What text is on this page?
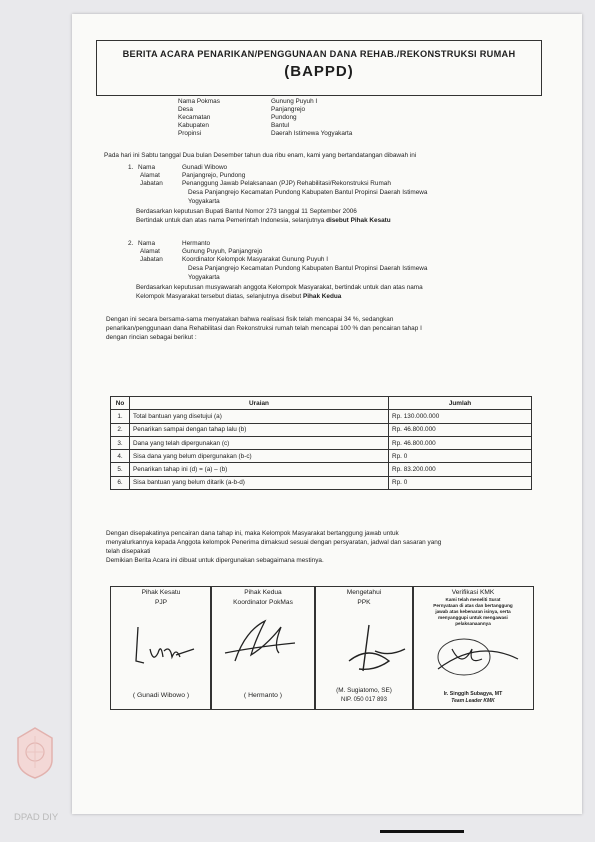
BERITA ACARA PENARIKAN/PENGGUNAAN DANA REHAB./REKONSTRUKSI RUMAH
(BAPPD)
Nama Pokmas	Gunung Puyuh I
Desa	Panjangrejo
Kecamatan	Pundong
Kabupaten	Bantul
Propinsi	Daerah Istimewa Yogyakarta
Pada hari ini Sabtu tanggal Dua bulan Desember tahun dua ribu enam, kami yang bertandatangan dibawah ini
1. Nama	Gunadi Wibowo
Alamat	Panjangrejo, Pundong
Jabatan	Penanggung Jawab Pelaksanaan (PJP) Rehabilitasi/Rekonstruksi Rumah
Desa Panjangrejo Kecamatan Pundong Kabupaten Bantul Propinsi Daerah Istimewa
Yogyakarta
Berdasarkan keputusan Bupati Bantul Nomor 273 tanggal 11 September 2006
Bertindak untuk dan atas nama Pemerintah Indonesia, selanjutnya disebut Pihak Kesatu
2. Nama	Hermanto
Alamat	Gunung Puyuh, Panjangrejo
Jabatan	Koordinator Kelompok Masyarakat Gunung Puyuh I
Desa Panjangrejo Kecamatan Pundong Kabupaten Bantul Propinsi Daerah Istimewa
Yogyakarta
Berdasarkan keputusan musyawarah anggota Kelompok Masyarakat, bertindak untuk dan atas nama
Kelompok Masyarakat tersebut diatas, selanjutnya disebut Pihak Kedua
Dengan ini secara bersama-sama menyatakan bahwa realisasi fisik telah mencapai 34 %, sedangkan
penarikan/penggunaan dana Rehabilitasi dan Rekonstruksi rumah telah mencapai 100 % dan pencairan tahap I
dengan rincian sebagai berikut :
No	Uraian	Jumlah
1.	Total bantuan yang disetujui (a)	Rp. 130.000.000
2.	Penarikan sampai dengan tahap lalu (b)	Rp. 46.800.000
3.	Dana yang telah dipergunakan (c)	Rp. 46.800.000
4.	Sisa dana yang belum dipergunakan (b-c)	Rp. 0
5.	Penarikan tahap ini (d) = (a) – (b)	Rp. 83.200.000
6.	Sisa bantuan yang belum ditarik (a-b-d)	Rp. 0
Dengan disepakatinya pencairan dana tahap ini, maka Kelompok Masyarakat bertanggung jawab untuk
menyalurkannya kepada Anggota kelompok Penerima dimaksud sesuai dengan persyaratan, jadwal dan sasaran yang
telah disepakati
Demikian Berita Acara ini dibuat untuk dipergunakan sebagaimana mestinya.
Pihak Kesatu
PJP
( Gunadi Wibowo )
Pihak Kedua
Koordinator PokMas
( Hermanto )
Mengetahui
PPK
(M. Sugiatomo, SE)
NIP. 050 017 893
Verifikasi KMK
Kami telah meneliti Surat
Pernyataan di atas dan bertanggung
jawab atas kebenaran isinya, serta
menyanggupi untuk mengawasi
pelaksanaannya
Ir. Singgih Subagya, MT
Team Leader KMK
DPAD DIY
